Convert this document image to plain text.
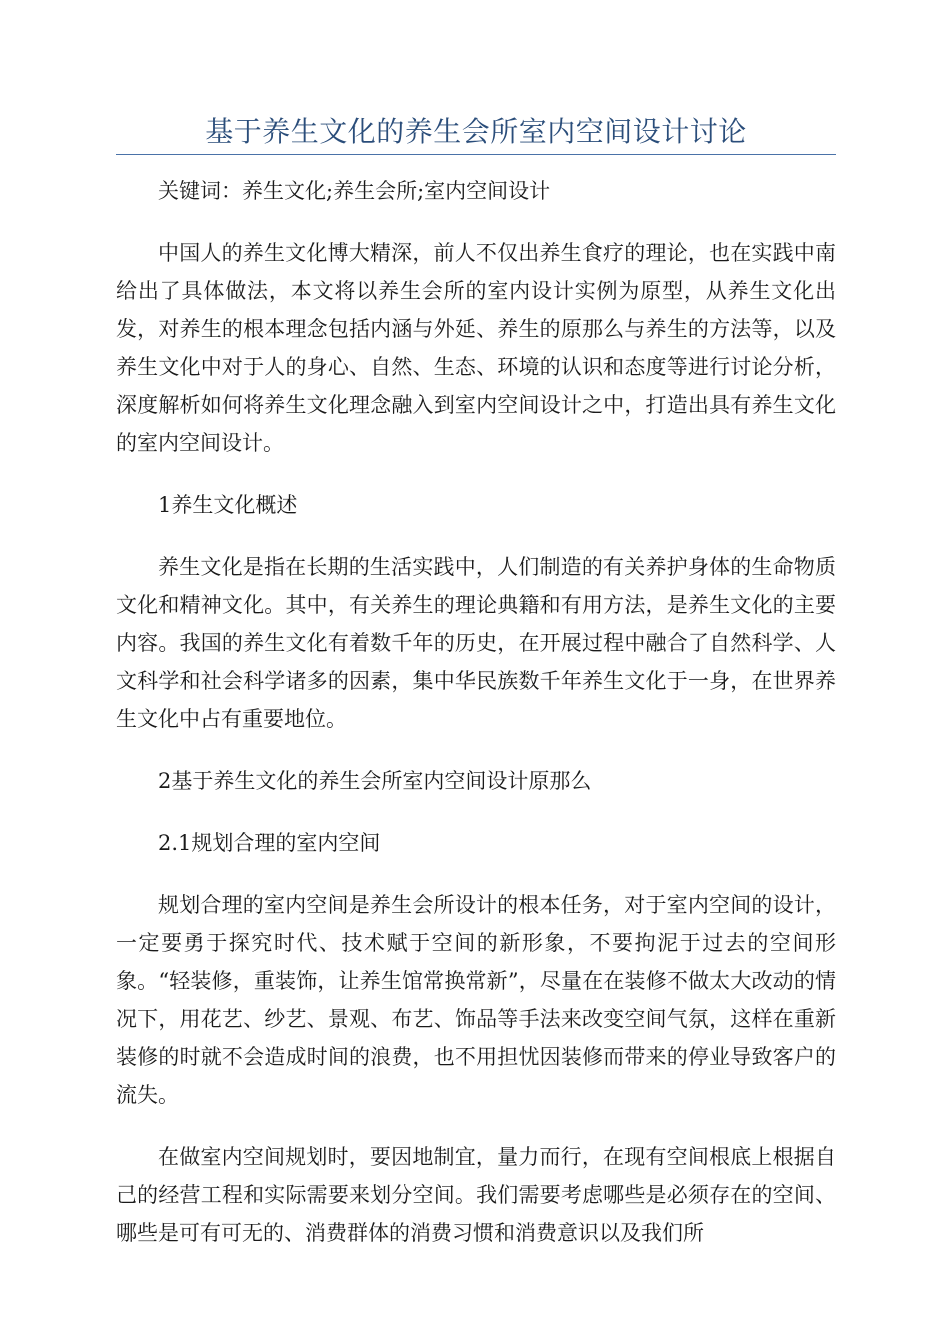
基于养生文化的养生会所室内空间设计讨论

关键词：养生文化;养生会所;室内空间设计

中国人的养生文化博大精深，前人不仅出养生食疗的理论，也在实践中南给出了具体做法，本文将以养生会所的室内设计实例为原型，从养生文化出发，对养生的根本理念包括内涵与外延、养生的原那么与养生的方法等，以及养生文化中对于人的身心、自然、生态、环境的认识和态度等进行讨论分析，深度解析如何将养生文化理念融入到室内空间设计之中，打造出具有养生文化的室内空间设计。

1养生文化概述

养生文化是指在长期的生活实践中，人们制造的有关养护身体的生命物质文化和精神文化。其中，有关养生的理论典籍和有用方法，是养生文化的主要内容。我国的养生文化有着数千年的历史，在开展过程中融合了自然科学、人文科学和社会科学诸多的因素，集中华民族数千年养生文化于一身，在世界养生文化中占有重要地位。

2基于养生文化的养生会所室内空间设计原那么

2.1规划合理的室内空间

规划合理的室内空间是养生会所设计的根本任务，对于室内空间的设计，一定要勇于探究时代、技术赋于空间的新形象，不要拘泥于过去的空间形象。“轻装修，重装饰，让养生馆常换常新”，尽量在在装修不做太大改动的情况下，用花艺、纱艺、景观、布艺、饰品等手法来改变空间气氛，这样在重新装修的时就不会造成时间的浪费，也不用担忧因装修而带来的停业导致客户的流失。

在做室内空间规划时，要因地制宜，量力而行，在现有空间根底上根据自己的经营工程和实际需要来划分空间。我们需要考虑哪些是必须存在的空间、哪些是可有可无的、消费群体的消费习惯和消费意识以及我们所
